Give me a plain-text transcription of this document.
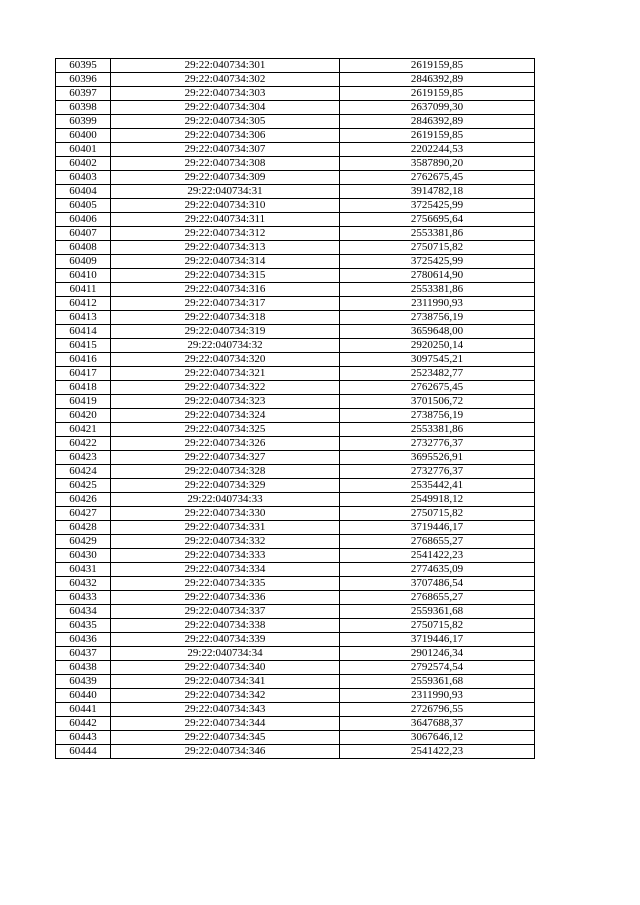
60395	29:22:040734:301	2619159,85
60396	29:22:040734:302	2846392,89
60397	29:22:040734:303	2619159,85
60398	29:22:040734:304	2637099,30
60399	29:22:040734:305	2846392,89
60400	29:22:040734:306	2619159,85
60401	29:22:040734:307	2202244,53
60402	29:22:040734:308	3587890,20
60403	29:22:040734:309	2762675,45
60404	29:22:040734:31	3914782,18
60405	29:22:040734:310	3725425,99
60406	29:22:040734:311	2756695,64
60407	29:22:040734:312	2553381,86
60408	29:22:040734:313	2750715,82
60409	29:22:040734:314	3725425,99
60410	29:22:040734:315	2780614,90
60411	29:22:040734:316	2553381,86
60412	29:22:040734:317	2311990,93
60413	29:22:040734:318	2738756,19
60414	29:22:040734:319	3659648,00
60415	29:22:040734:32	2920250,14
60416	29:22:040734:320	3097545,21
60417	29:22:040734:321	2523482,77
60418	29:22:040734:322	2762675,45
60419	29:22:040734:323	3701506,72
60420	29:22:040734:324	2738756,19
60421	29:22:040734:325	2553381,86
60422	29:22:040734:326	2732776,37
60423	29:22:040734:327	3695526,91
60424	29:22:040734:328	2732776,37
60425	29:22:040734:329	2535442,41
60426	29:22:040734:33	2549918,12
60427	29:22:040734:330	2750715,82
60428	29:22:040734:331	3719446,17
60429	29:22:040734:332	2768655,27
60430	29:22:040734:333	2541422,23
60431	29:22:040734:334	2774635,09
60432	29:22:040734:335	3707486,54
60433	29:22:040734:336	2768655,27
60434	29:22:040734:337	2559361,68
60435	29:22:040734:338	2750715,82
60436	29:22:040734:339	3719446,17
60437	29:22:040734:34	2901246,34
60438	29:22:040734:340	2792574,54
60439	29:22:040734:341	2559361,68
60440	29:22:040734:342	2311990,93
60441	29:22:040734:343	2726796,55
60442	29:22:040734:344	3647688,37
60443	29:22:040734:345	3067646,12
60444	29:22:040734:346	2541422,23
